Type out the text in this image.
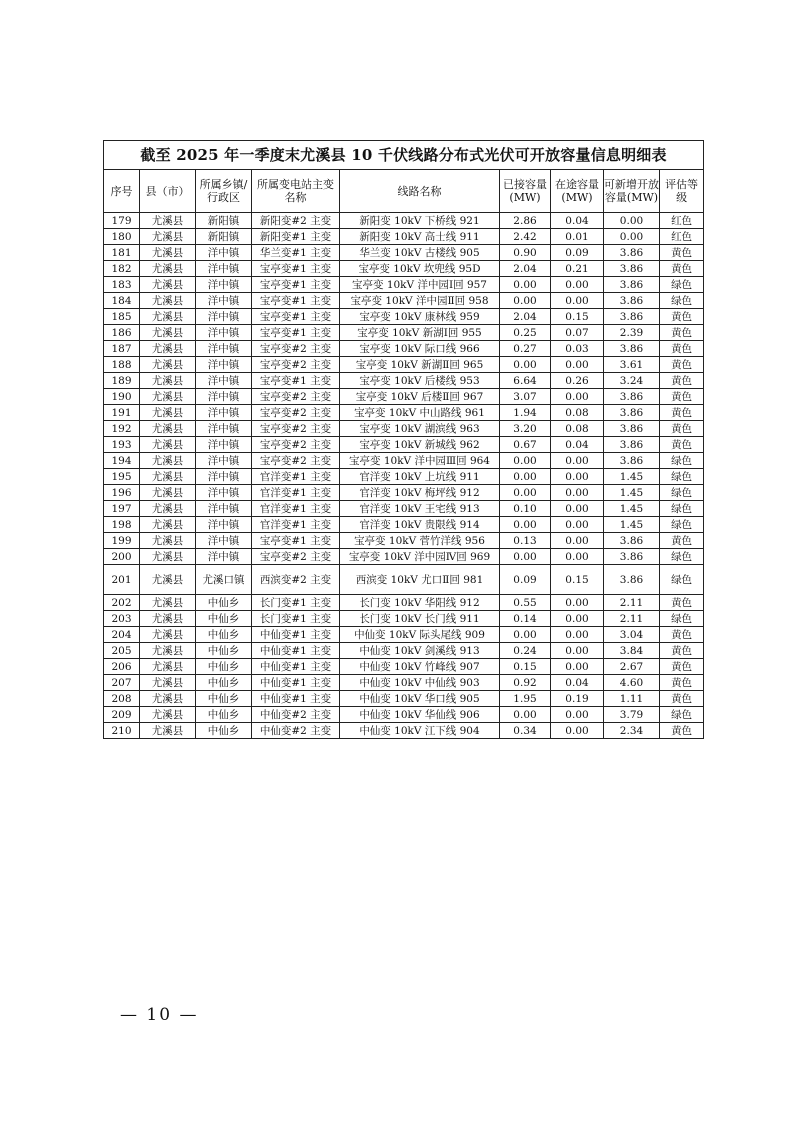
截至 2025 年一季度末尤溪县 10 千伏线路分布式光伏可开放容量信息明细表								
序号	县（市）	所属乡镇/行政区	所属变电站主变名称	线路名称	已接容量(MW)	在途容量(MW)	可新增开放容量(MW)	评估等级
179	尤溪县	新阳镇	新阳变#2 主变	新阳变 10kV 下桥线 921	2.86	0.04	0.00	红色
180	尤溪县	新阳镇	新阳变#1 主变	新阳变 10kV 高士线 911	2.42	0.01	0.00	红色
181	尤溪县	洋中镇	华兰变#1 主变	华兰变 10kV 古楼线 905	0.90	0.09	3.86	黄色
182	尤溪县	洋中镇	宝亭变#1 主变	宝亭变 10kV 坎兜线 95D	2.04	0.21	3.86	黄色
183	尤溪县	洋中镇	宝亭变#1 主变	宝亭变 10kV 洋中园Ⅰ回 957	0.00	0.00	3.86	绿色
184	尤溪县	洋中镇	宝亭变#1 主变	宝亭变 10kV 洋中园Ⅱ回 958	0.00	0.00	3.86	绿色
185	尤溪县	洋中镇	宝亭变#1 主变	宝亭变 10kV 康林线 959	2.04	0.15	3.86	黄色
186	尤溪县	洋中镇	宝亭变#1 主变	宝亭变 10kV 新湖Ⅰ回 955	0.25	0.07	2.39	黄色
187	尤溪县	洋中镇	宝亭变#2 主变	宝亭变 10kV 际口线 966	0.27	0.03	3.86	黄色
188	尤溪县	洋中镇	宝亭变#2 主变	宝亭变 10kV 新湖Ⅱ回 965	0.00	0.00	3.61	黄色
189	尤溪县	洋中镇	宝亭变#1 主变	宝亭变 10kV 后楼线 953	6.64	0.26	3.24	黄色
190	尤溪县	洋中镇	宝亭变#2 主变	宝亭变 10kV 后楼Ⅱ回 967	3.07	0.00	3.86	黄色
191	尤溪县	洋中镇	宝亭变#2 主变	宝亭变 10kV 中山路线 961	1.94	0.08	3.86	黄色
192	尤溪县	洋中镇	宝亭变#2 主变	宝亭变 10kV 湖滨线 963	3.20	0.08	3.86	黄色
193	尤溪县	洋中镇	宝亭变#2 主变	宝亭变 10kV 新城线 962	0.67	0.04	3.86	黄色
194	尤溪县	洋中镇	宝亭变#2 主变	宝亭变 10kV 洋中园Ⅲ回 964	0.00	0.00	3.86	绿色
195	尤溪县	洋中镇	官洋变#1 主变	官洋变 10kV 上坑线 911	0.00	0.00	1.45	绿色
196	尤溪县	洋中镇	官洋变#1 主变	官洋变 10kV 梅坪线 912	0.00	0.00	1.45	绿色
197	尤溪县	洋中镇	官洋变#1 主变	官洋变 10kV 王宅线 913	0.10	0.00	1.45	绿色
198	尤溪县	洋中镇	官洋变#1 主变	官洋变 10kV 贵限线 914	0.00	0.00	1.45	绿色
199	尤溪县	洋中镇	宝亭变#1 主变	宝亭变 10kV 菅竹洋线 956	0.13	0.00	3.86	黄色
200	尤溪县	洋中镇	宝亭变#2 主变	宝亭变 10kV 洋中园Ⅳ回 969	0.00	0.00	3.86	绿色
201	尤溪县	尤溪口镇	西滨变#2 主变	西滨变 10kV 尤口Ⅱ回 981	0.09	0.15	3.86	绿色
202	尤溪县	中仙乡	长门变#1 主变	长门变 10kV 华阳线 912	0.55	0.00	2.11	黄色
203	尤溪县	中仙乡	长门变#1 主变	长门变 10kV 长门线 911	0.14	0.00	2.11	绿色
204	尤溪县	中仙乡	中仙变#1 主变	中仙变 10kV 际头尾线 909	0.00	0.00	3.04	黄色
205	尤溪县	中仙乡	中仙变#1 主变	中仙变 10kV 剑溪线 913	0.24	0.00	3.84	黄色
206	尤溪县	中仙乡	中仙变#1 主变	中仙变 10kV 竹峰线 907	0.15	0.00	2.67	黄色
207	尤溪县	中仙乡	中仙变#1 主变	中仙变 10kV 中仙线 903	0.92	0.04	4.60	黄色
208	尤溪县	中仙乡	中仙变#1 主变	中仙变 10kV 华口线 905	1.95	0.19	1.11	黄色
209	尤溪县	中仙乡	中仙变#2 主变	中仙变 10kV 华仙线 906	0.00	0.00	3.79	绿色
210	尤溪县	中仙乡	中仙变#2 主变	中仙变 10kV 江下线 904	0.34	0.00	2.34	黄色
— 10 —
